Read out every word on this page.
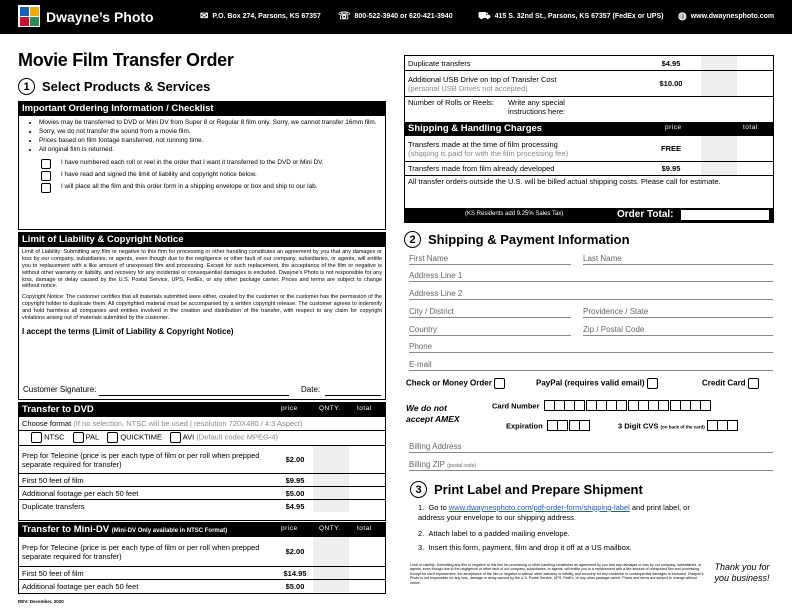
Dwayne’s Photo	✉ P.O. Box 274, Parsons, KS 67357 ☏ 800-522-3940 or 620-421-3940	⛟ 415 S. 32nd St., Parsons, KS 67357 (FedEx or UPS) ◍ www.dwaynesphoto.com
Movie Film Transfer Order
1 Select Products & Services
Important Ordering Information / Checklist
• Movies may be transferred to DVD or Mini DV from Super 8 or Regular 8 film only. Sorry, we cannot transfer 16mm film.
• Sorry, we do not transfer the sound from a movie film.
• Prices based on film footage transferred, not running time.
• All original film is returned.
I have numbered each roll or reel in the order that I want it transferred to the DVD or Mini DV.
I have read and signed the limit of liability and copyright notice below.
I will place all the film and this order form in a shipping envelope or box and ship to our lab.
Limit of Liability & Copyright Notice

Limit of Liability: Submitting any film or negative to this firm for processing or other handling constitutes an agreement by you that any damages or loss by our company, subsidiaries, or agents, even though due to the negligence or other fault of our company, subsidiaries, or agents, will entitle you to replacement with a like amount of unexposed film and processing. Except for such replacement, the acceptance of the film or negative is without other warranty or liability, and recovery for any incidental or consequential damages is excluded. Dwayne’s Photo is not responsible for any loss, damage or delay caused by the U.S. Postal Service, UPS, FedEx, or any other package carrier. Prices and terms are subject to change without notice.

Copyright Notice: The customer certifies that all materials submitted were either, created by the customer or the customer has the permission of the copyright holder to duplicate them. All copyrighted material must be accompanied by a written copyright release. The customer agrees to indemnify and hold harmless all companies and entities involved in the creation and distribution of the transfer, with respect to any claim for copyright violations arising out of materials submitted by the customer.

I accept the terms (Limit of Liability & Copyright Notice)
Customer Signature:	Date:
Transfer to DVD	price	QNTY.	total
Choose format (If no selection, NTSC will be used | resolution 720X480 / 4:3 Aspect)
NTSC	PAL	QUICKTIME	AVI (Default codec MPEG-4)
Prep for Telecine (price is per each type of film or per roll when prepped separate required for transfer)	$2.00
First 50 feet of film	$9.95
Additional footage per each 50 feet	$5.00
Duplicate transfers	$4.95
Transfer to Mini-DV (Mini-DV Only available in NTSC Format)	price	QNTY.	total
Prep for Telecine (price is per each type of film or per roll when prepped separate required for transfer)	$2.00
First 50 feet of film	$14.95
Additional footage per each 50 feet	$5.00
REV: December, 2020
Duplicate transfers	$4.95
Additional USB Drive on top of Transfer Cost
(personal USB Drives not accepted)	$10.00
Number of Rolls or Reels:	Write any special instructions here:
Shipping & Handling Charges	price	total
Transfers made at the time of film processing
(shipping is paid for with the film processing fee)	FREE
Transfers made from film already developed	$9.95
All transfer orders outside the U.S. will be billed actual shipping costs. Please call for estimate.
(KS Residents add 9.25% Sales Tax)	Order Total:
2 Shipping & Payment Information
First Name	Last Name
Address Line 1
Address Line 2
City / District	Providence / State
Country	Zip / Postal Code
Phone
E-mail
Check or Money Order	PayPal (requires valid email)	Credit Card
We do not accept AMEX
Card Number
Expiration	3 Digit CVS (on back of the card)
Billing Address
Billing ZIP (postal code)
3 Print Label and Prepare Shipment
1.  Go to www.dwaynesphoto.com/pdf-order-form/shipping-label and print label, or address your envelope to our shipping address.
2.  Attach label to a padded mailing envelope.
3.  Insert this form, payment, film and drop it off at a US mailbox.
Thank you for you business!
Limit of Liability: Submitting any film or negative to this firm for processing or other handling constitutes an agreement by you that any damages or loss by our company, subsidiaries, or agents, even though due to the negligence or other fault of our company, subsidiaries, or agents, will entitle you to a replacement with a like amount of unexposed film and processing. Except for such replacement, the acceptance of the film or negative is without other warranty or liability, and recovery for any incidental or consequential damages is excluded. Dwayne’s Photo is not responsible for any loss, damage or delay caused by the U.S. Postal Service, UPS, FedEx, or any other package carrier. Prices and terms are subject to change without notice.
